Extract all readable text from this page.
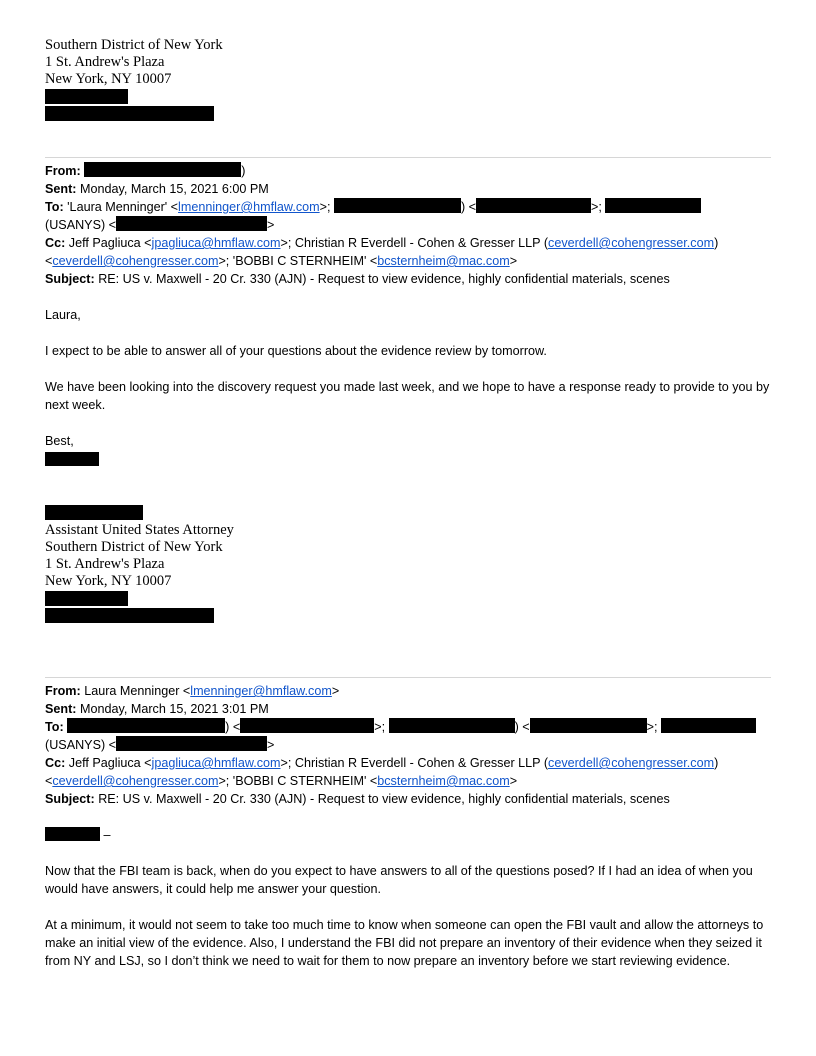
Southern District of New York
1 St. Andrew's Plaza
New York, NY 10007
From:	)
Sent: Monday, March 15, 2021 6:00 PM
To: 'Laura Menninger' <lmenninger@hmflaw.com>;	) <	>;
(USANYS) <	>
Cc: Jeff Pagliuca <jpagliuca@hmflaw.com>; Christian R Everdell - Cohen & Gresser LLP (ceverdell@cohengresser.com)
<ceverdell@cohengresser.com>; 'BOBBI C STERNHEIM' <bcsternheim@mac.com>
Subject: RE: US v. Maxwell - 20 Cr. 330 (AJN) - Request to view evidence, highly confidential materials, scenes

Laura,

I expect to be able to answer all of your questions about the evidence review by tomorrow.

We have been looking into the discovery request you made last week, and we hope to have a response ready to provide to you by next week.

Best,

Assistant United States Attorney
Southern District of New York
1 St. Andrew's Plaza
New York, NY 10007
From: Laura Menninger <lmenninger@hmflaw.com>
Sent: Monday, March 15, 2021 3:01 PM
To:	) <	>;	) <	>;
(USANYS) <	>
Cc: Jeff Pagliuca <jpagliuca@hmflaw.com>; Christian R Everdell - Cohen & Gresser LLP (ceverdell@cohengresser.com)
<ceverdell@cohengresser.com>; 'BOBBI C STERNHEIM' <bcsternheim@mac.com>
Subject: RE: US v. Maxwell - 20 Cr. 330 (AJN) - Request to view evidence, highly confidential materials, scenes

–

Now that the FBI team is back, when do you expect to have answers to all of the questions posed? If I had an idea of when you would have answers, it could help me answer your question.

At a minimum, it would not seem to take too much time to know when someone can open the FBI vault and allow the attorneys to make an initial view of the evidence. Also, I understand the FBI did not prepare an inventory of their evidence when they seized it from NY and LSJ, so I don’t think we need to wait for them to now prepare an inventory before we start reviewing evidence.
